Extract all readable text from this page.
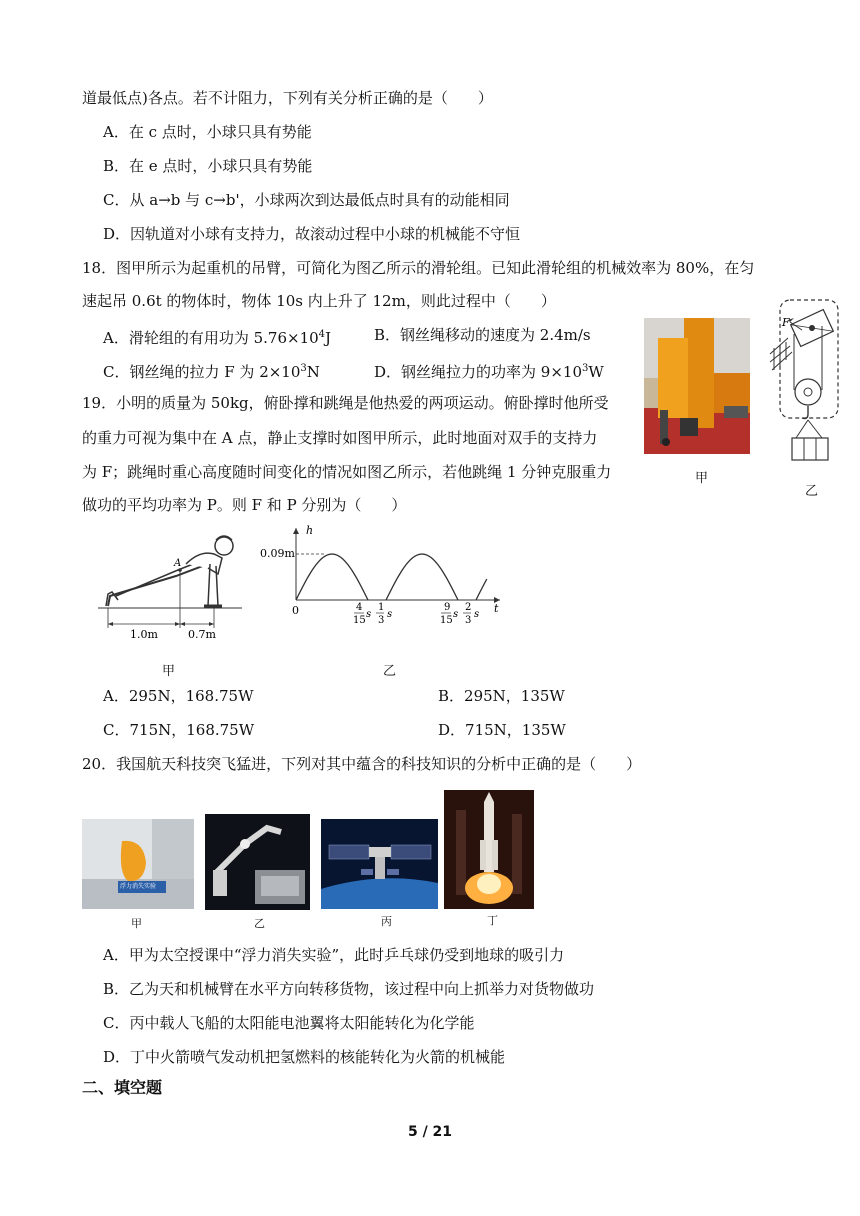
道最低点)各点。若不计阻力，下列有关分析正确的是（　　）
A．在 c 点时，小球只具有势能
B．在 e 点时，小球只具有势能
C．从 a→b 与 c→b'，小球两次到达最低点时具有的动能相同
D．因轨道对小球有支持力，故滚动过程中小球的机械能不守恒
18．图甲所示为起重机的吊臂，可简化为图乙所示的滑轮组。已知此滑轮组的机械效率为 80%，在匀
速起吊 0.6t 的物体时，物体 10s 内上升了 12m，则此过程中（　　）
A．滑轮组的有用功为 $5.76\times 10^4J$	B．钢丝绳移动的速度为 2.4m/s
C．钢丝绳的拉力 F 为 $2\times 10^3N$	D．钢丝绳拉力的功率为 $9\times 10^3W$
甲
F
乙
19．小明的质量为 50kg，俯卧撑和跳绳是他热爱的两项运动。俯卧撑时他所受
的重力可视为集中在 A 点，静止支撑时如图甲所示，此时地面对双手的支持力
为 F；跳绳时重心高度随时间变化的情况如图乙所示，若他跳绳 1 分钟克服重力
做功的平均功率为 P。则 F 和 P 分别为（　　）
A
1.0m	0.7m
甲
h
0.09m
0	t
4
15
s
1
3
s
9
15
s
2
3
s
乙
A．295N，168.75W	B．295N，135W
C．715N，168.75W	D．715N，135W
20．我国航天科技突飞猛进，下列对其中蕴含的科技知识的分析中正确的是（　　）
浮力消失实验
甲	乙	丙	丁
A．甲为太空授课中“浮力消失实验”，此时乒乓球仍受到地球的吸引力
B．乙为天和机械臂在水平方向转移货物，该过程中向上抓举力对货物做功
C．丙中载人飞船的太阳能电池翼将太阳能转化为化学能
D．丁中火箭喷气发动机把氢燃料的核能转化为火箭的机械能
二、填空题
5 / 21
